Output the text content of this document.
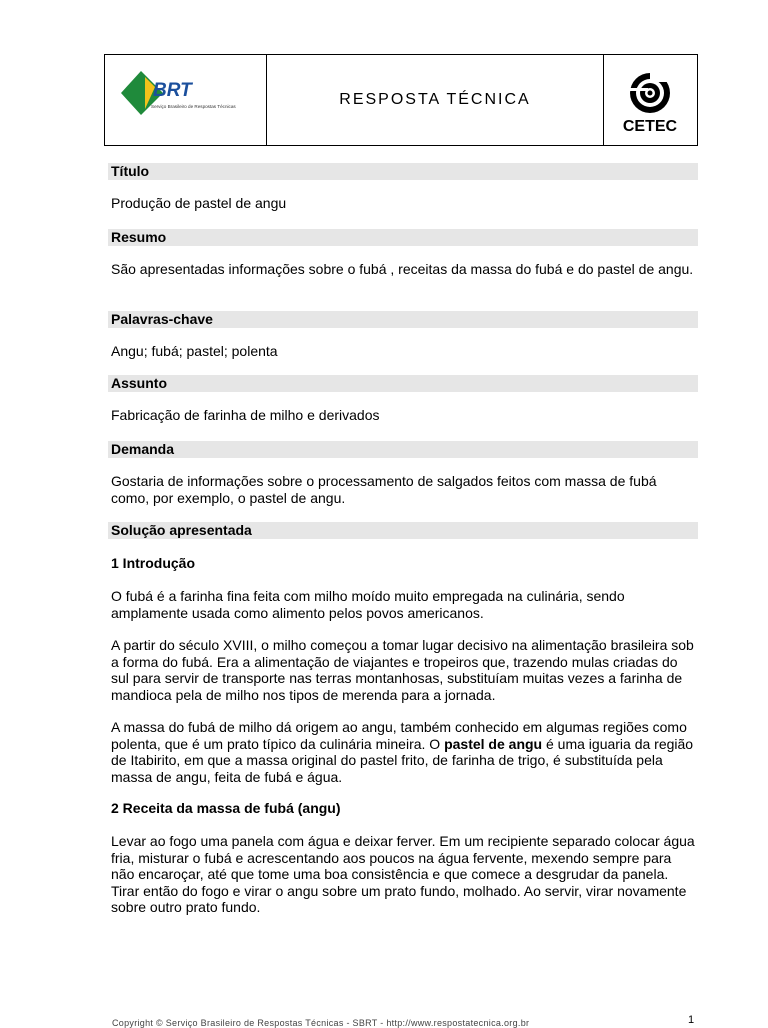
BRT
Serviço Brasileiro de Respostas Técnicas	RESPOSTA TÉCNICA
CETEC
Título

Produção de pastel de angu

Resumo

São apresentadas informações sobre o fubá , receitas da massa do fubá e do pastel de angu.

Palavras-chave

Angu; fubá; pastel; polenta

Assunto

Fabricação de farinha de milho e derivados

Demanda

Gostaria de informações sobre o processamento de salgados feitos com massa de fubá como, por exemplo, o pastel de angu.

Solução apresentada
1 Introdução

O fubá é a farinha fina feita com milho moído muito empregada na culinária, sendo amplamente usada como alimento pelos povos americanos.

A partir do século XVIII, o milho começou a tomar lugar decisivo na alimentação brasileira sob a forma do fubá. Era a alimentação de viajantes e tropeiros que, trazendo mulas criadas do sul para servir de transporte nas terras montanhosas, substituíam muitas vezes a farinha de mandioca pela de milho nos tipos de merenda para a jornada.

A massa do fubá de milho dá origem ao angu, também conhecido em algumas regiões como polenta, que é um prato típico da culinária mineira. O pastel de angu é uma iguaria da região de Itabirito, em que a massa original do pastel frito, de farinha de trigo, é substituída pela massa de angu, feita de fubá e água.

2 Receita da massa de fubá (angu)

Levar ao fogo uma panela com água e deixar ferver. Em um recipiente separado colocar água fria, misturar o fubá e acrescentando aos poucos na água fervente, mexendo sempre para não encaroçar, até que tome uma boa consistência e que comece a desgrudar da panela. Tirar então do fogo e virar o angu sobre um prato fundo, molhado. Ao servir, virar novamente sobre outro prato fundo.

Copyright © Serviço Brasileiro de Respostas Técnicas - SBRT - http://www.respostatecnica.org.br	1
